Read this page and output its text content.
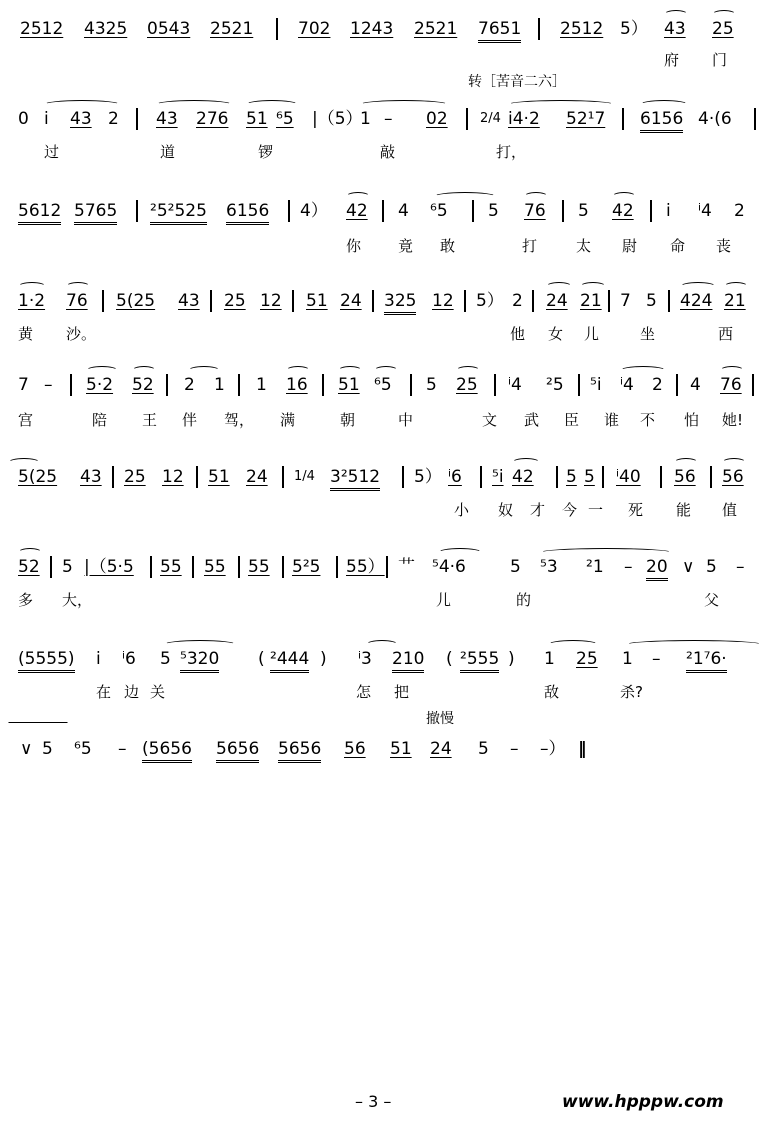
2512 4325 0543 2521	702 1243 2521 7651 2512 5） 43 25
府 门
转［苦音二六］
0 i 43 2 43 276 51 ⁶5 |（5）
1 – 02 2/4 i4·2 52¹7 6156 4·(6
过	道	锣	敲	打，
5612 5765 ²5²525 6156 4） 42 4 ⁶5 5 76 5 42 i ⁱ4 2
你 竟 敢	打	太 尉 命 丧
1·2 76 5(25 43 25 12 51 24 325 12 5） 2 24 21 7 5 424 21
黄 沙。	他 女 儿	坐	西
7 – 5·2 52 2 1 1 16 51 ⁶5 5 25 ⁱ4 ²5 ⁵i ⁱ4 2 4 76
宫	陪 王 伴 驾， 满	朝	中	文 武 臣 谁 不 怕 她!
5(25 43 25 12 51 24 1/4 3²512 5） ⁱ6 ⁵i 42 5 5 ⁱ40 56 56
小 奴 才 今 一 死 能 值
52 5 |（5·5 55 55 55 5²5 55） 艹 ⁵4·6	5 ⁵3 ²1 – 20 ∨ 5 –
多 大，	儿	的	父
(5555) i ⁱ6 5 ⁵320 ( ²444 ) ⁱ3 210 ( ²555 ) 1 25 1 – ²1⁷6·
在 边 关	怎 把	敌	杀?
撤慢
∨ 5 ⁶5 – (5656 5656 5656 56 51 24 5 – –） ‖
– 3 –	www.hpppw.com
